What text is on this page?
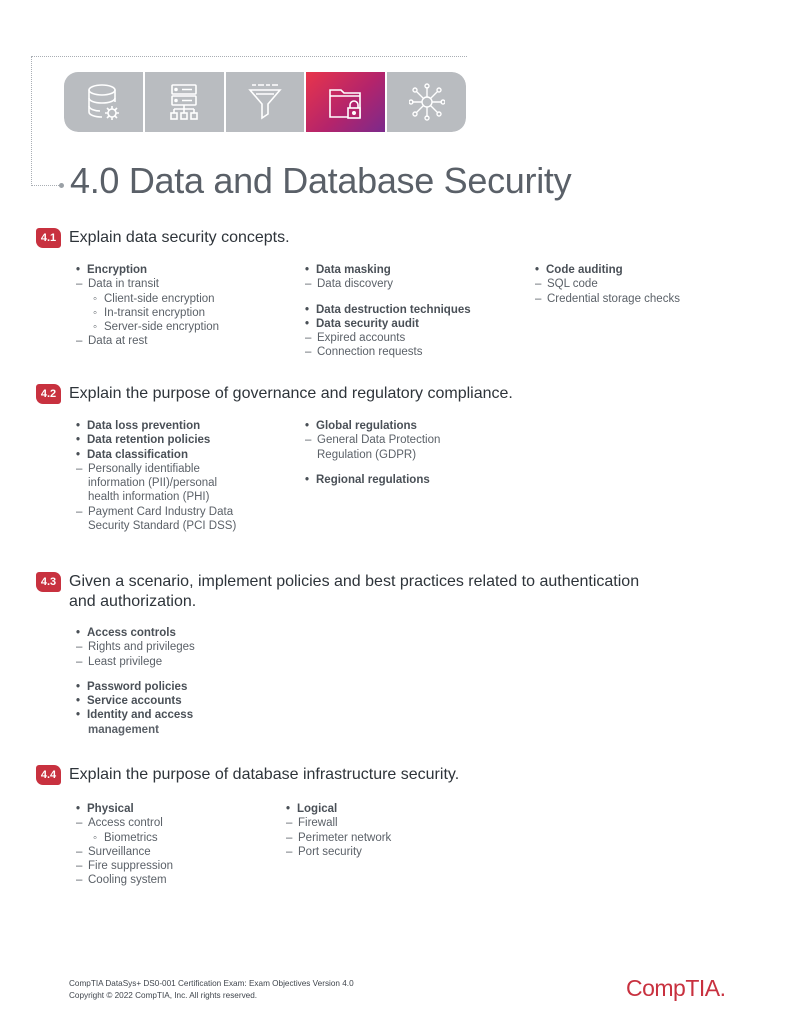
4.0 Data and Database Security
4.1 Explain data security concepts.
• Encryption
– Data in transit
◦ Client-side encryption
◦ In-transit encryption
◦ Server-side encryption
– Data at rest
• Data masking
– Data discovery
• Data destruction techniques
• Data security audit
– Expired accounts
– Connection requests
• Code auditing
– SQL code
– Credential storage checks
4.2 Explain the purpose of governance and regulatory compliance.
• Data loss prevention
• Data retention policies
• Data classification
– Personally identifiable
information (PII)/personal
health information (PHI)
– Payment Card Industry Data
Security Standard (PCI DSS)
• Global regulations
– General Data Protection
Regulation (GDPR)
• Regional regulations
4.3 Given a scenario, implement policies and best practices related to authentication
and authorization.
• Access controls
– Rights and privileges
– Least privilege
• Password policies
• Service accounts
• Identity and access
management
4.4 Explain the purpose of database infrastructure security.
• Physical
– Access control
◦ Biometrics
– Surveillance
– Fire suppression
– Cooling system
• Logical
– Firewall
– Perimeter network
– Port security
CompTIA DataSys+ DS0-001 Certification Exam: Exam Objectives Version 4.0
Copyright © 2022 CompTIA, Inc. All rights reserved.	CompTIA.
